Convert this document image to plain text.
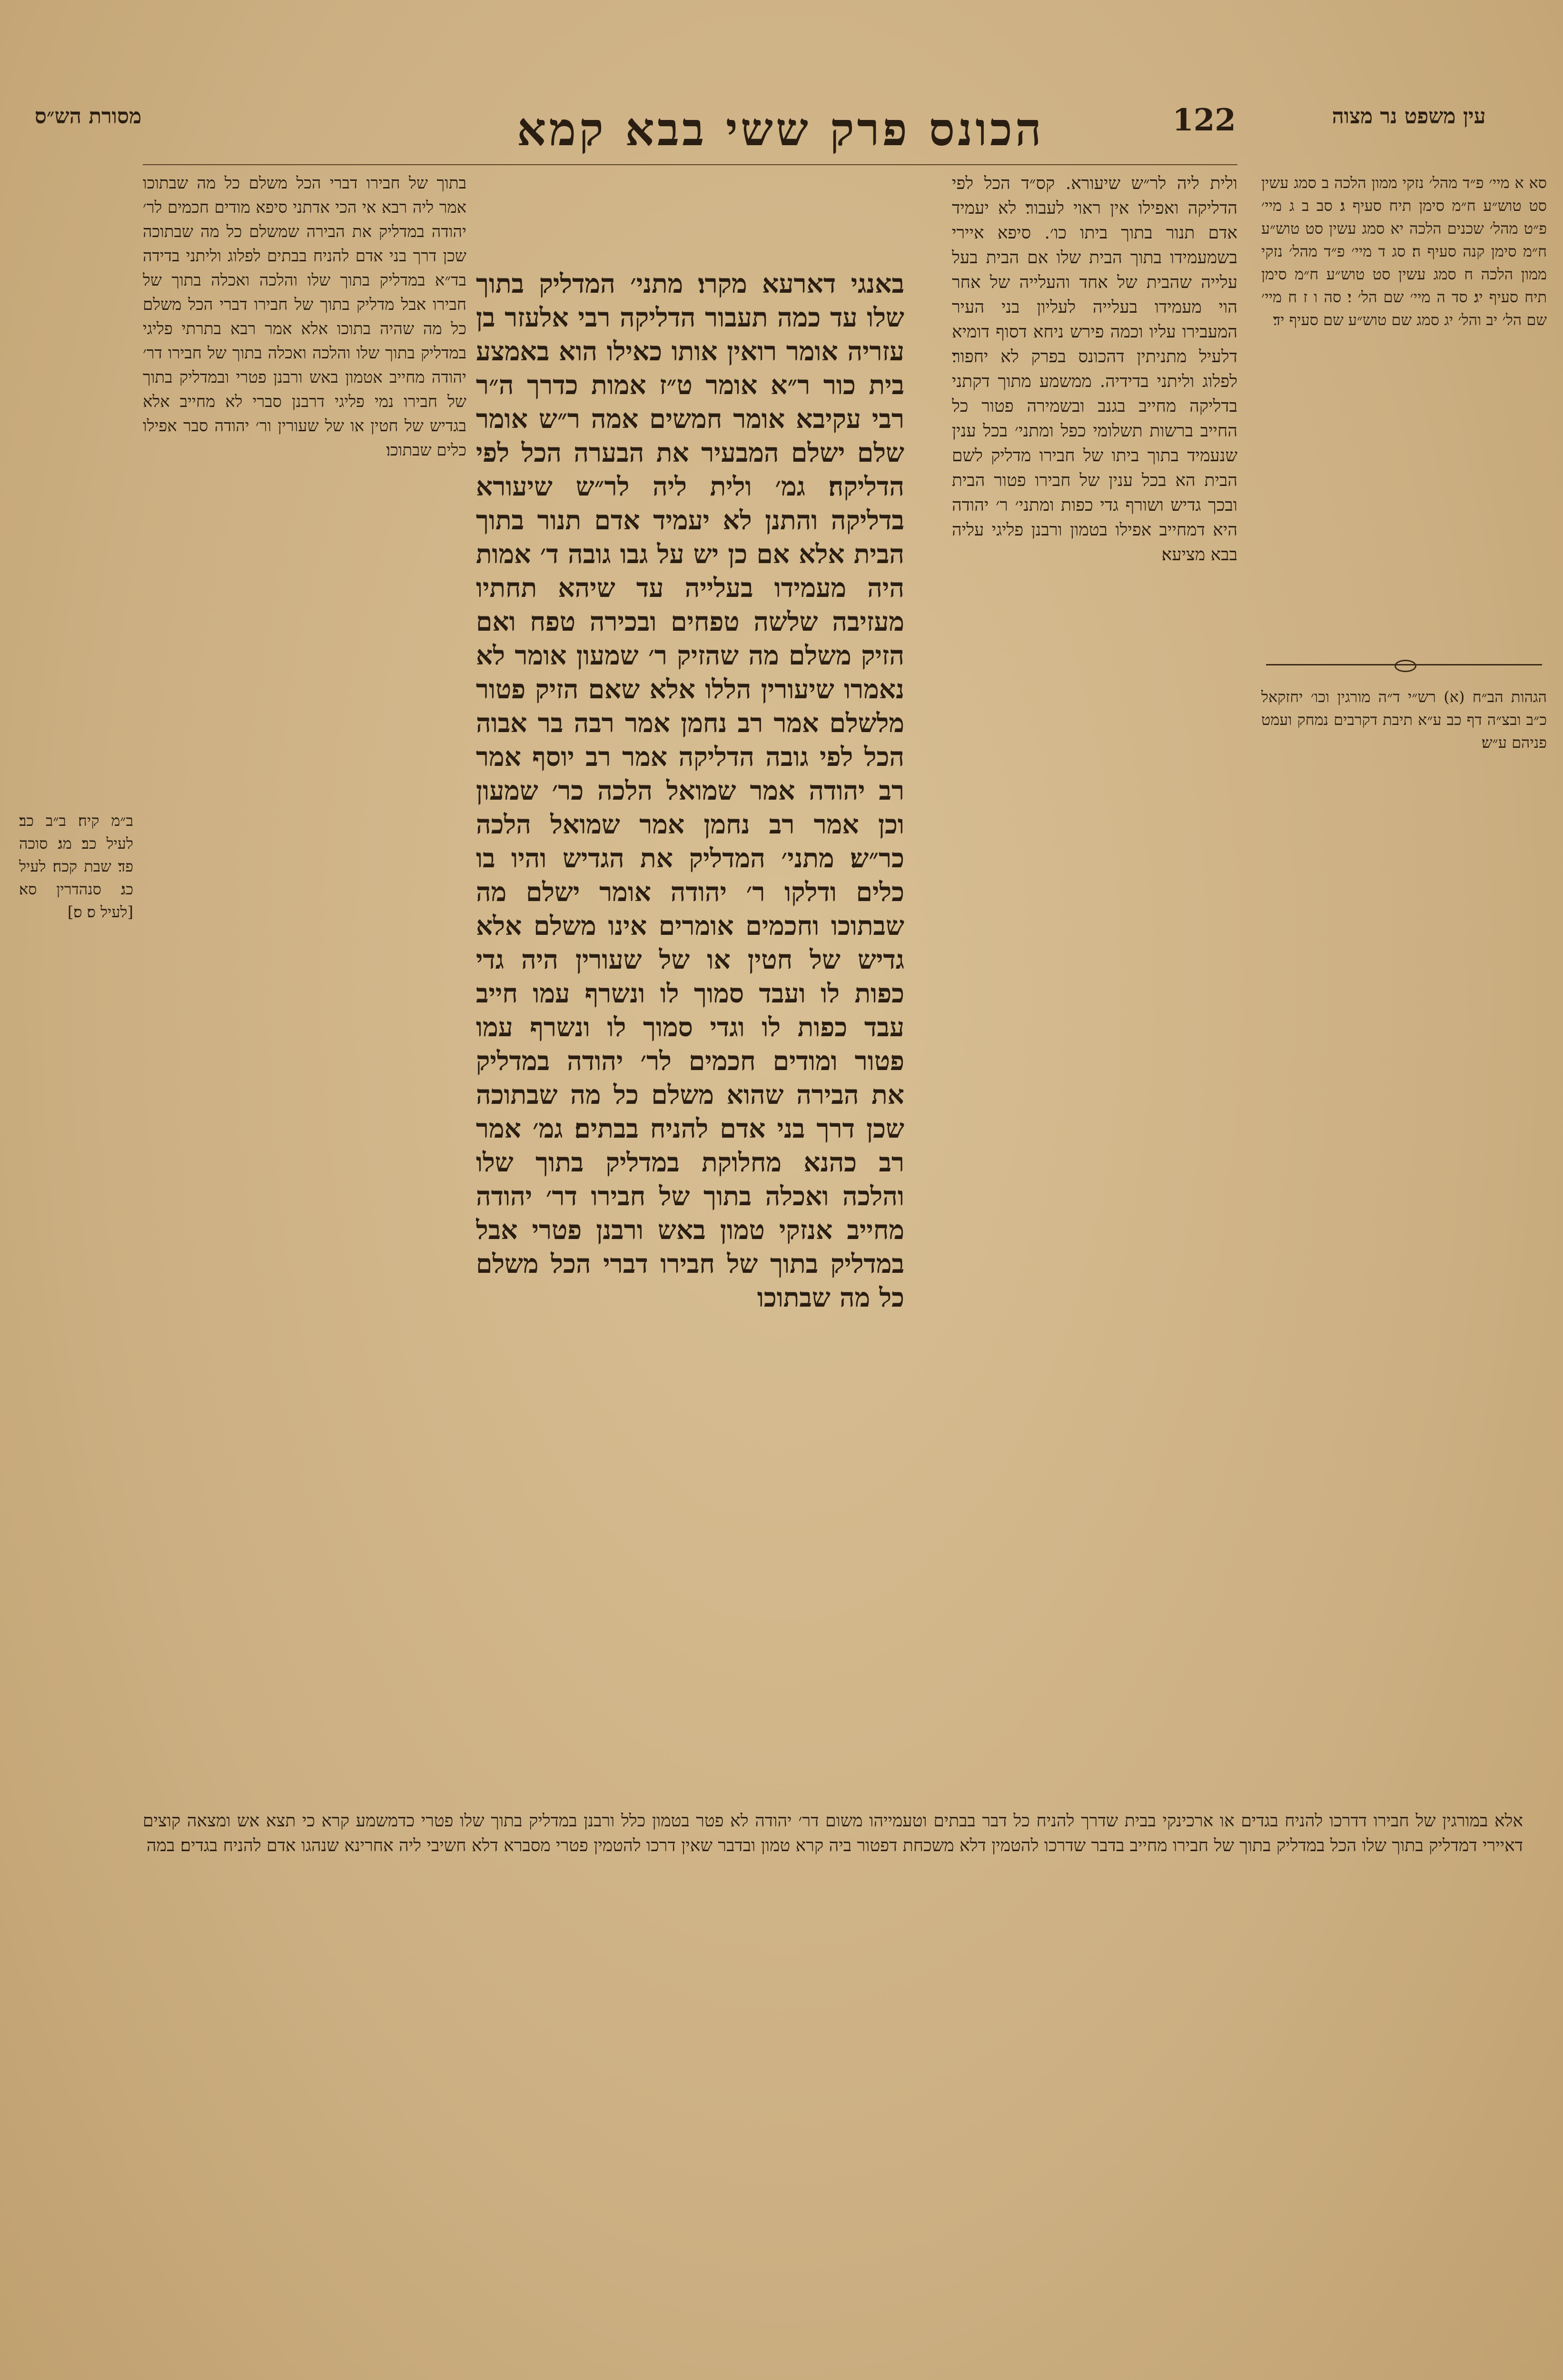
מסורת הש״ס	הכונס פרק ששי בבא קמא	122	עין משפט נר מצוה

סא א מיי׳ פ״ד מהל׳ נזקי ממון הלכה ב סמג עשין סט טוש״ע ח״מ סימן תיח סעיף ג׃ סב ב ג מיי׳ פ״ט מהל׳ שכנים הלכה יא סמג עשין סט טוש״ע ח״מ סימן קנה סעיף ה׃ סג ד מיי׳ פ״ד מהל׳ נזקי ממון הלכה ח סמג עשין סט טוש״ע ח״מ סימן תיח סעיף יג׃ סד ה מיי׳ שם הל׳ י׃ סה ו ז ח מיי׳ שם הל׳ יב והל׳ יג סמג שם טוש״ע שם סעיף יד׃

הגהות הב״ח (א) רש״י ד״ה מורגין וכו׳ יחזקאל כ״ב ובצ״ה דף כב ע״א תיבת דקרבים נמחק ועמט פניהם ע״ש׃

ולית ליה לר״ש שיעורא. קס״ד הכל לפי הדליקה ואפילו אין ראוי לעבור׃ לא יעמיד אדם תנור בתוך ביתו כו׳. סיפא איירי בשמעמידו בתוך הבית שלו אם הבית בעל עלייה שהבית של אחד והעלייה של אחר הוי מעמידו בעלייה לעליון בני העיר המעבירו עליו וכמה פירש ניחא דסוף דומיא דלעיל מתניתין דהכונס בפרק לא יחפור׃ לפלוג וליתני בדידיה. ממשמע מתוך דקתני בדליקה מחייב בגנב ובשמירה פטור כל החייב ברשות תשלומי כפל ומתני׳ בכל ענין שנעמיד בתוך ביתו של חבירו מדליק לשם הבית הא בכל ענין של חבירו פטור הבית ובכך גדיש ושורף גדי כפות ומתני׳ ר׳ יהודה היא דמחייב אפילו בטמון ורבנן פליגי עליה בבא מציעא׃

באנגי דארעא מקרו׃ מתני׳ המדליק בתוך שלו עד כמה תעבור הדליקה רבי אלעזר בן עזריה אומר רואין אותו כאילו הוא באמצע בית כור ר״א אומר ט״ז אמות כדרך ה״ר רבי עקיבא אומר חמשים אמה ר״ש אומר שלם ישלם המבעיר את הבערה הכל לפי הדליקה׃ גמ׳ ולית ליה לר״ש שיעורא בדליקה והתנן לא יעמיד אדם תנור בתוך הבית אלא אם כן יש על גבו גובה ד׳ אמות היה מעמידו בעלייה עד שיהא תחתיו מעזיבה שלשה טפחים ובכירה טפח ואם הזיק משלם מה שהזיק ר׳ שמעון אומר לא נאמרו שיעורין הללו אלא שאם הזיק פטור מלשלם אמר רב נחמן אמר רבה בר אבוה הכל לפי גובה הדליקה אמר רב יוסף אמר רב יהודה אמר שמואל הלכה כר׳ שמעון וכן אמר רב נחמן אמר שמואל הלכה כר״ש׃ מתני׳ המדליק את הגדיש והיו בו כלים ודלקו ר׳ יהודה אומר ישלם מה שבתוכו וחכמים אומרים אינו משלם אלא גדיש של חטין או של שעורין היה גדי כפות לו ועבד סמוך לו ונשרף עמו חייב עבד כפות לו וגדי סמוך לו ונשרף עמו פטור ומודים חכמים לר׳ יהודה במדליק את הבירה שהוא משלם כל מה שבתוכה שכן דרך בני אדם להניח בבתים׃ גמ׳ אמר רב כהנא מחלוקת במדליק בתוך שלו והלכה ואכלה בתוך של חבירו דר׳ יהודה מחייב אנזקי טמון באש ורבנן פטרי אבל במדליק בתוך של חבירו דברי הכל משלם כל מה שבתוכו

בתוך של חבירו דברי הכל משלם כל מה שבתוכו אמר ליה רבא אי הכי אדתני סיפא מודים חכמים לר׳ יהודה במדליק את הבירה שמשלם כל מה שבתוכה שכן דרך בני אדם להניח בבתים לפלוג וליתני בדידה בד״א במדליק בתוך שלו והלכה ואכלה בתוך של חבירו אבל מדליק בתוך של חבירו דברי הכל משלם כל מה שהיה בתוכו אלא אמר רבא בתרתי פליגי במדליק בתוך שלו והלכה ואכלה בתוך של חבירו דר׳ יהודה מחייב אטמון באש ורבנן פטרי ובמדליק בתוך של חבירו נמי פליגי דרבנן סברי לא מחייב אלא בגדיש של חטין או של שעורין ור׳ יהודה סבר אפילו כלים שבתוכו׃

ב״מ קיח׃ ב״ב כב׃ לעיל כב׃ מג׃ סוכה פד׃ שבת קכח׃ לעיל כג׃ סנהדרין סא׃ [לעיל ס׃ ס׃]

אלא במורגין של חבירו דדרכו להניח בגדים או ארכינקי בבית שדרך להניח כל דבר בבתים וטעמייהו משום דר׳ יהודה לא פטר בטמון כלל ורבנן במדליק בתוך שלו פטרי כדמשמע קרא כי תצא אש ומצאה קוצים דאיירי דמדליק בתוך שלו הכל במדליק בתוך של חבירו מחייב בדבר שדרכו להטמין דלא משכחת דפטור ביה קרא טמון ובדבר שאין דרכו להטמין פטרי מסברא דלא חשיבי ליה אחרינא שנהגו אדם להניח בגדים׃ במה
